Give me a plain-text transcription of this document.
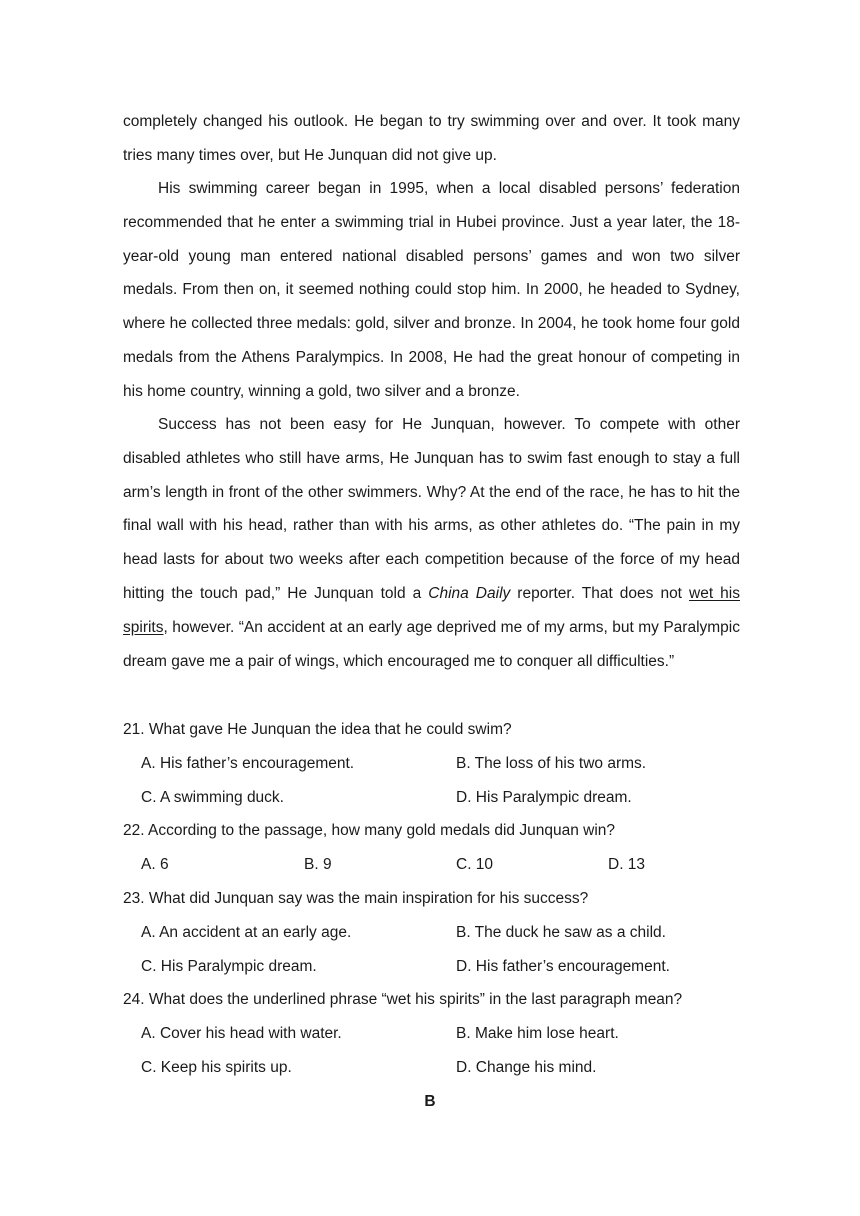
completely changed his outlook. He began to try swimming over and over. It took many tries many times over, but He Junquan did not give up.

His swimming career began in 1995, when a local disabled persons’ federation recommended that he enter a swimming trial in Hubei province. Just a year later, the 18-year-old young man entered national disabled persons’ games and won two silver medals. From then on, it seemed nothing could stop him. In 2000, he headed to Sydney, where he collected three medals: gold, silver and bronze. In 2004, he took home four gold medals from the Athens Paralympics. In 2008, He had the great honour of competing in his home country, winning a gold, two silver and a bronze.

Success has not been easy for He Junquan, however. To compete with other disabled athletes who still have arms, He Junquan has to swim fast enough to stay a full arm’s length in front of the other swimmers. Why? At the end of the race, he has to hit the final wall with his head, rather than with his arms, as other athletes do. “The pain in my head lasts for about two weeks after each competition because of the force of my head hitting the touch pad,” He Junquan told a China Daily reporter. That does not wet his spirits, however. “An accident at an early age deprived me of my arms, but my Paralympic dream gave me a pair of wings, which encouraged me to conquer all difficulties.”

21. What gave He Junquan the idea that he could swim?
A. His father’s encouragement.	B. The loss of his two arms.
C. A swimming duck.	D. His Paralympic dream.
22. According to the passage, how many gold medals did Junquan win?
A. 6	B. 9	C. 10	D. 13
23. What did Junquan say was the main inspiration for his success?
A. An accident at an early age.	B. The duck he saw as a child.
C. His Paralympic dream.	D. His father’s encouragement.
24. What does the underlined phrase “wet his spirits” in the last paragraph mean?
A. Cover his head with water.	B. Make him lose heart.
C. Keep his spirits up.	D. Change his mind.
B
